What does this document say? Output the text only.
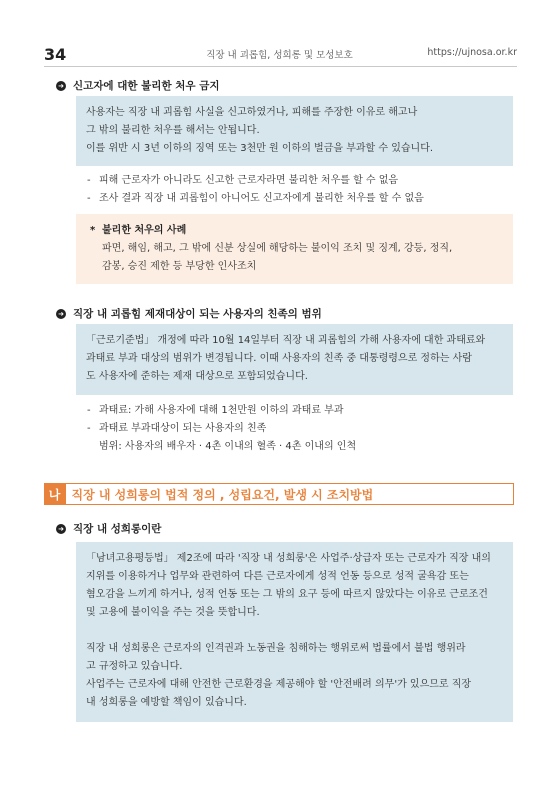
34	직장 내 괴롭힘, 성희롱 및 모성보호	https://ujnosa.or.kr
➜ 신고자에 대한 불리한 처우 금지

사용자는 직장 내 괴롭힘 사실을 신고하였거나, 피해를 주장한 이유로 해고나

그 밖의 불리한 처우를 해서는 안됩니다.

이를 위반 시 3년 이하의 징역 또는 3천만 원 이하의 벌금을 부과할 수 있습니다.

- 피해 근로자가 아니라도 신고한 근로자라면 불리한 처우를 할 수 없음
- 조사 결과 직장 내 괴롭힘이 아니어도 신고자에게 불리한 처우를 할 수 없음
* 불리한 처우의 사례

파면, 해임, 해고, 그 밖에 신분 상실에 해당하는 불이익 조치 및 징계, 강등, 정직,

감봉, 승진 제한 등 부당한 인사조치

➜ 직장 내 괴롭힘 제재대상이 되는 사용자의 친족의 범위

「근로기준법」 개정에 따라 10월 14일부터 직장 내 괴롭힘의 가해 사용자에 대한 과태료와

과태료 부과 대상의 범위가 변경됩니다. 이때 사용자의 친족 중 대통령령으로 정하는 사람

도 사용자에 준하는 제재 대상으로 포함되었습니다.

- 과태료: 가해 사용자에 대해 1천만원 이하의 과태료 부과
- 과태료 부과대상이 되는 사용자의 친족
범위: 사용자의 배우자 · 4촌 이내의 혈족 · 4촌 이내의 인척
나 직장 내 성희롱의 법적 정의 , 성립요건, 발생 시 조치방법
➜ 직장 내 성희롱이란

「남녀고용평등법」 제2조에 따라 '직장 내 성희롱'은 사업주·상급자 또는 근로자가 직장 내의

지위를 이용하거나 업무와 관련하여 다른 근로자에게 성적 언동 등으로 성적 굴욕감 또는

혐오감을 느끼게 하거나, 성적 언동 또는 그 밖의 요구 등에 따르지 않았다는 이유로 근로조건

및 고용에 불이익을 주는 것을 뜻합니다.

직장 내 성희롱은 근로자의 인격권과 노동권을 침해하는 행위로써 법률에서 불법 행위라

고 규정하고 있습니다.

사업주는 근로자에 대해 안전한 근로환경을 제공해야 할 '안전배려 의무'가 있으므로 직장

내 성희롱을 예방할 책임이 있습니다.
